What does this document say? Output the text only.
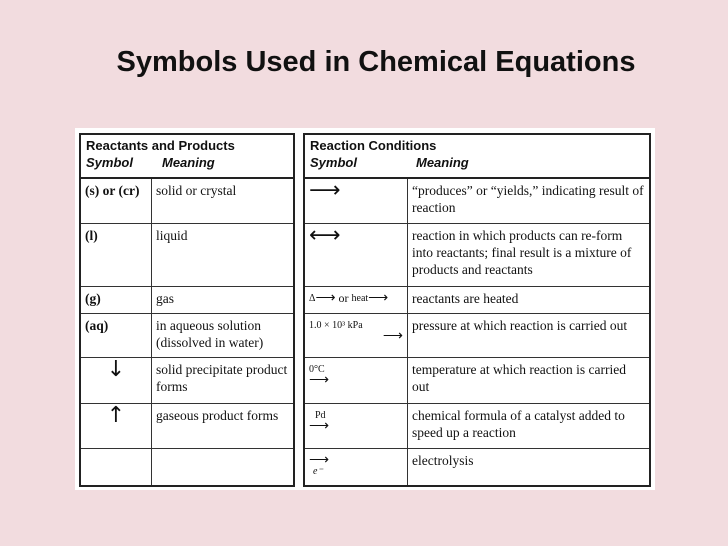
Symbols Used in Chemical Equations
Reactants and Products
Symbol Meaning	

(s) or (cr)	solid or crystal
(l)	liquid
(g)	gas
(aq)	in aqueous solution (dissolved in water)
↓	solid precipitate product forms
↑	gaseous product forms

Reaction Conditions
Symbol Meaning	

⟶	“produces” or “yields,” indicating result of reaction
⟷	reaction in which products can re-form into reactants; final result is a mixture of products and reactants
$^\Delta$⟶ or $^{heat}$⟶	reactants are heated

1.0 × 10³ kPa
⟶	pressure at which reaction is carried out

0°C
⟶	temperature at which reaction is carried out

Pd
⟶	chemical formula of a catalyst added to speed up a reaction

⟶
e⁻	electrolysis
